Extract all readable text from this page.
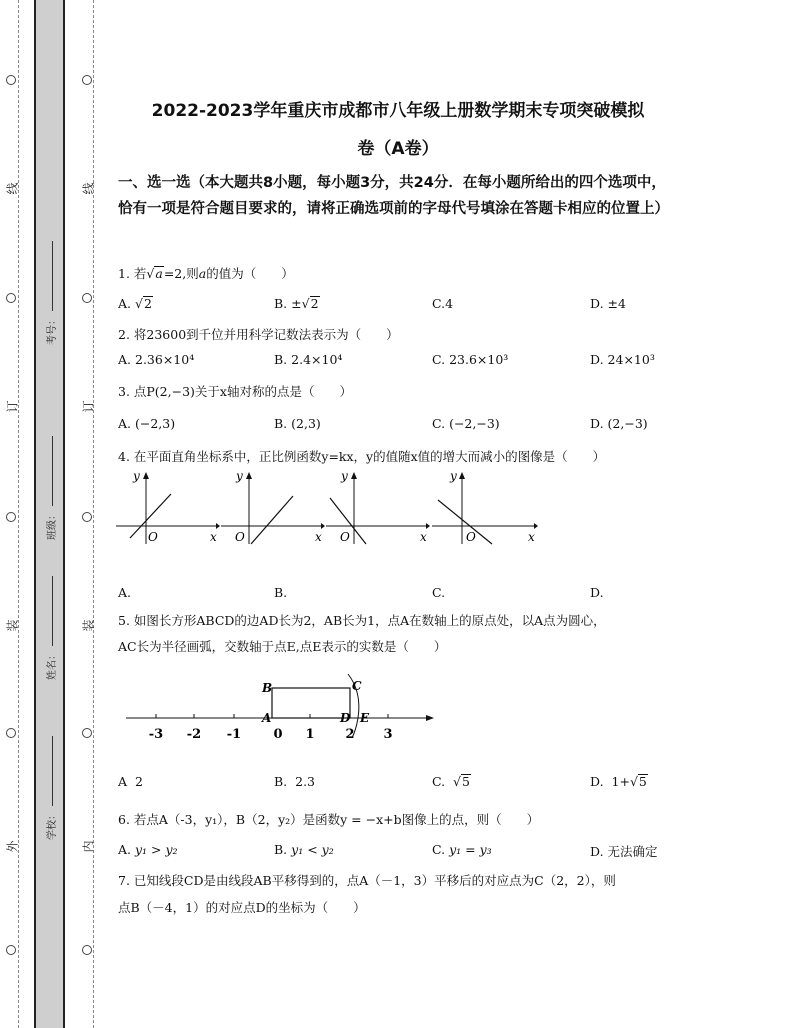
线
订
装
外
线
订
装
内
考号：
班级：
姓名：
学校：
2022-2023学年重庆市成都市八年级上册数学期末专项突破模拟
卷（A卷）
一、选一选（本大题共8小题，每小题3分，共24分．在每小题所给出的四个选项中，恰有一项是符合题目要求的，请将正确选项前的字母代号填涂在答题卡相应的位置上）
1. 若√a=2,则a的值为（　　）
A. √2	B. ±√2	C.4	D. ±4
2. 将23600到千位并用科学记数法表示为（　　）
A. 2.36×10⁴	B. 2.4×10⁴	C. 23.6×10³	D. 24×10³
3. 点P(2,−3)关于x轴对称的点是（　　）
A. (−2,3)	B. (2,3)	C. (−2,−3)	D. (2,−3)
4. 在平面直角坐标系中，正比例函数y=kx，y的值随x值的增大而减小的图像是（　　）
y
x
O
y
x
O
y
x
O
y
x
O
A.	B.	C.	D.
5. 如图长方形ABCD的边AD长为2，AB长为1，点A在数轴上的原点处，以A点为圆心，
AC长为半径画弧，交数轴于点E,点E表示的实数是（　　）
B	C
A	D E
-3 -2 -1 0 1 2 3
A 2	B. 2.3	C.  √5	D. 1+√5
6. 若点A（-3，y₁），B（2，y₂）是函数y = −x+b图像上的点，则（　　）
A. y₁ > y₂	B. y₁ < y₂	C. y₁ = y₃	D. 无法确定
7. 已知线段CD是由线段AB平移得到的，点A（－1，3）平移后的对应点为C（2，2），则
点B（－4，1）的对应点D的坐标为（　　）
